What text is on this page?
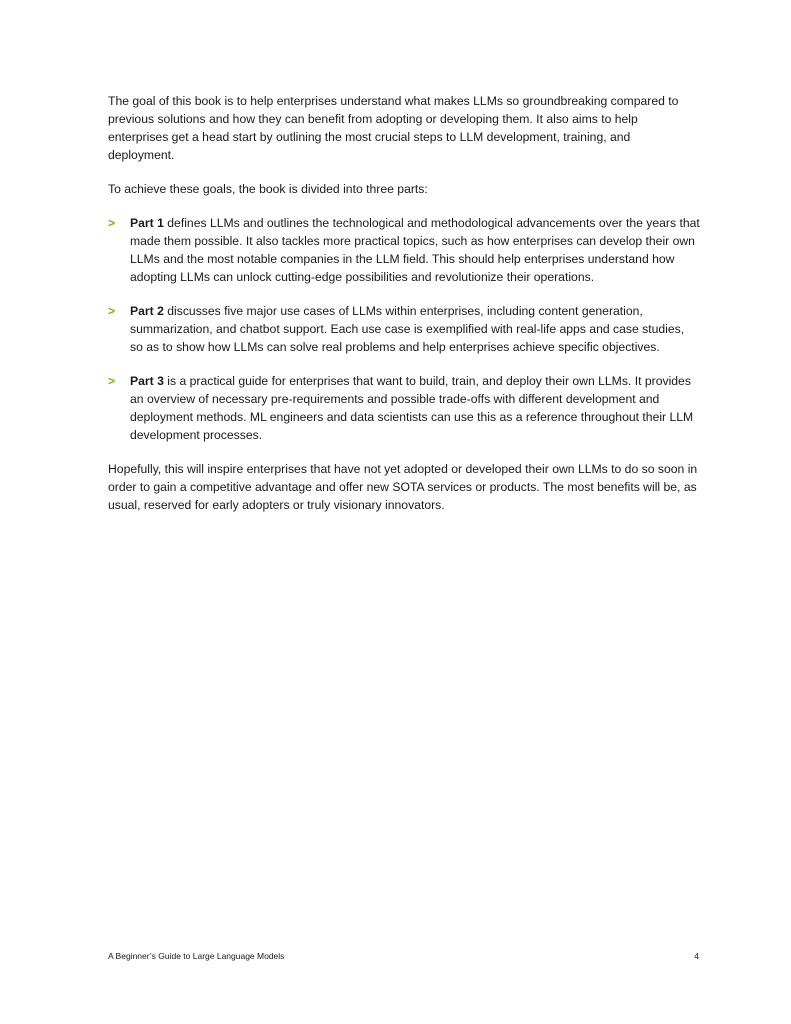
The goal of this book is to help enterprises understand what makes LLMs so groundbreaking compared to previous solutions and how they can benefit from adopting or developing them. It also aims to help enterprises get a head start by outlining the most crucial steps to LLM development, training, and deployment.

To achieve these goals, the book is divided into three parts:

> Part 1 defines LLMs and outlines the technological and methodological advancements over the years that made them possible. It also tackles more practical topics, such as how enterprises can develop their own LLMs and the most notable companies in the LLM field. This should help enterprises understand how adopting LLMs can unlock cutting-edge possibilities and revolutionize their operations.
> Part 2 discusses five major use cases of LLMs within enterprises, including content generation, summarization, and chatbot support. Each use case is exemplified with real-life apps and case studies, so as to show how LLMs can solve real problems and help enterprises achieve specific objectives.
> Part 3 is a practical guide for enterprises that want to build, train, and deploy their own LLMs. It provides an overview of necessary pre-requirements and possible trade-offs with different development and deployment methods. ML engineers and data scientists can use this as a reference throughout their LLM development processes.

Hopefully, this will inspire enterprises that have not yet adopted or developed their own LLMs to do so soon in order to gain a competitive advantage and offer new SOTA services or products. The most benefits will be, as usual, reserved for early adopters or truly visionary innovators.

A Beginner’s Guide to Large Language Models	4
